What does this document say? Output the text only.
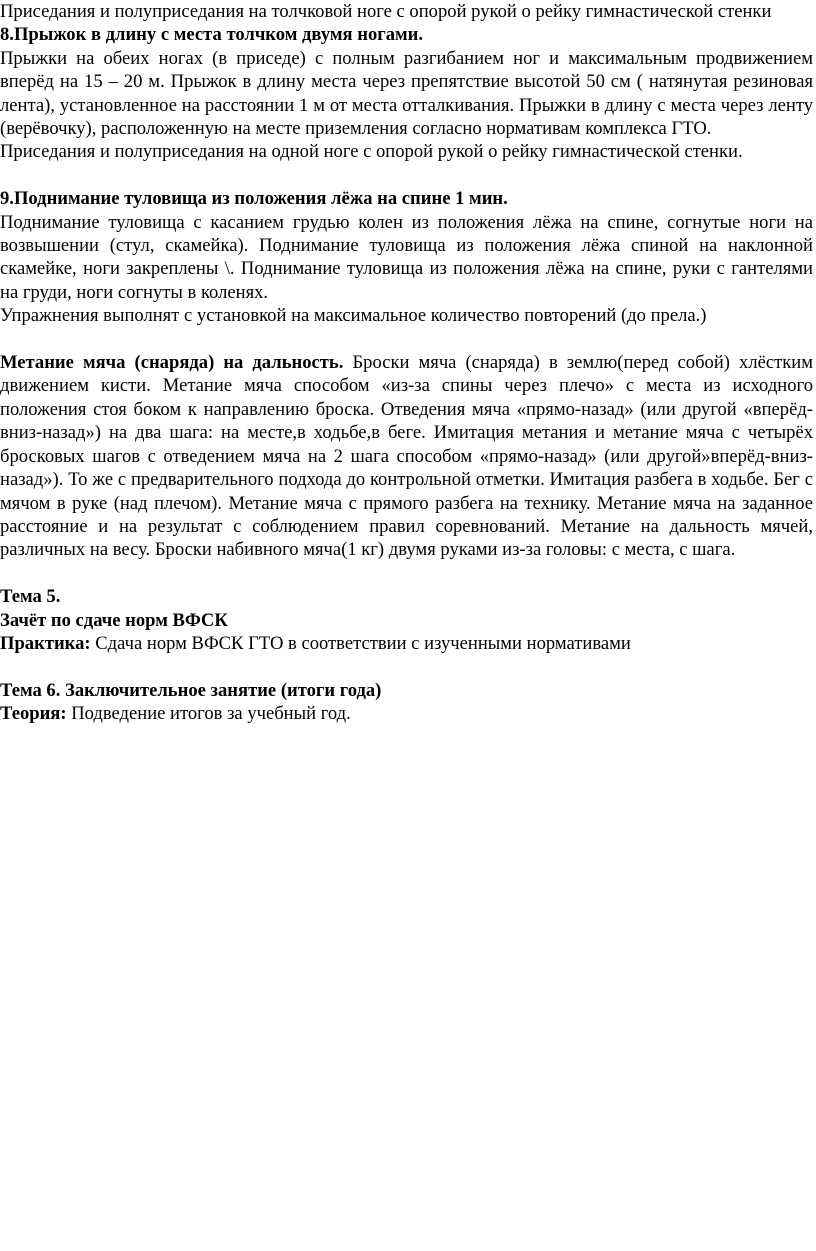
Приседания и полуприседания на толчковой ноге с опорой рукой о рейку гимнастической стенки

8.Прыжок в длину с места толчком двумя ногами.

Прыжки на обеих ногах (в приседе) с полным разгибанием ног и максимальным продвижением вперёд на 15 – 20 м. Прыжок в длину места через препятствие высотой 50 см ( натянутая резиновая лента), установленное на расстоянии 1 м от места отталкивания. Прыжки в длину с места через ленту (верёвочку), расположенную на месте приземления согласно нормативам комплекса ГТО.

Приседания и полуприседания на одной ноге с опорой рукой о рейку гимнастической стенки.

9.Поднимание туловища из положения лёжа на спине 1 мин.

Поднимание туловища с касанием грудью колен из положения лёжа на спине, согнутые ноги на возвышении (стул, скамейка). Поднимание туловища из положения лёжа спиной на наклонной скамейке, ноги закреплены \. Поднимание туловища из положения лёжа на спине, руки с гантелями на груди, ноги согнуты в коленях.

Упражнения выполнят с установкой на максимальное количество повторений (до прела.)

Метание мяча (снаряда) на дальность. Броски мяча (снаряда) в землю(перед собой) хлёстким движением кисти. Метание мяча способом «из-за спины через плечо» с места из исходного положения стоя боком к направлению броска. Отведения мяча «прямо-назад» (или другой «вперёд-вниз-назад») на два шага: на месте,в ходьбе,в беге. Имитация метания и метание мяча с четырёх бросковых шагов с отведением мяча на 2 шага способом «прямо-назад» (или другой»вперёд-вниз-назад»). То же с предварительного подхода до контрольной отметки. Имитация разбега в ходьбе. Бег с мячом в руке (над плечом). Метание мяча с прямого разбега на технику. Метание мяча на заданное расстояние и на результат с соблюдением правил соревнований. Метание на дальность мячей, различных на весу. Броски набивного мяча(1 кг) двумя руками из-за головы: с места, с шага.

Тема 5.

Зачёт по сдаче норм ВФСК

Практика: Сдача норм ВФСК ГТО в соответствии с изученными нормативами

Тема 6. Заключительное занятие (итоги года)

Теория: Подведение итогов за учебный год.
